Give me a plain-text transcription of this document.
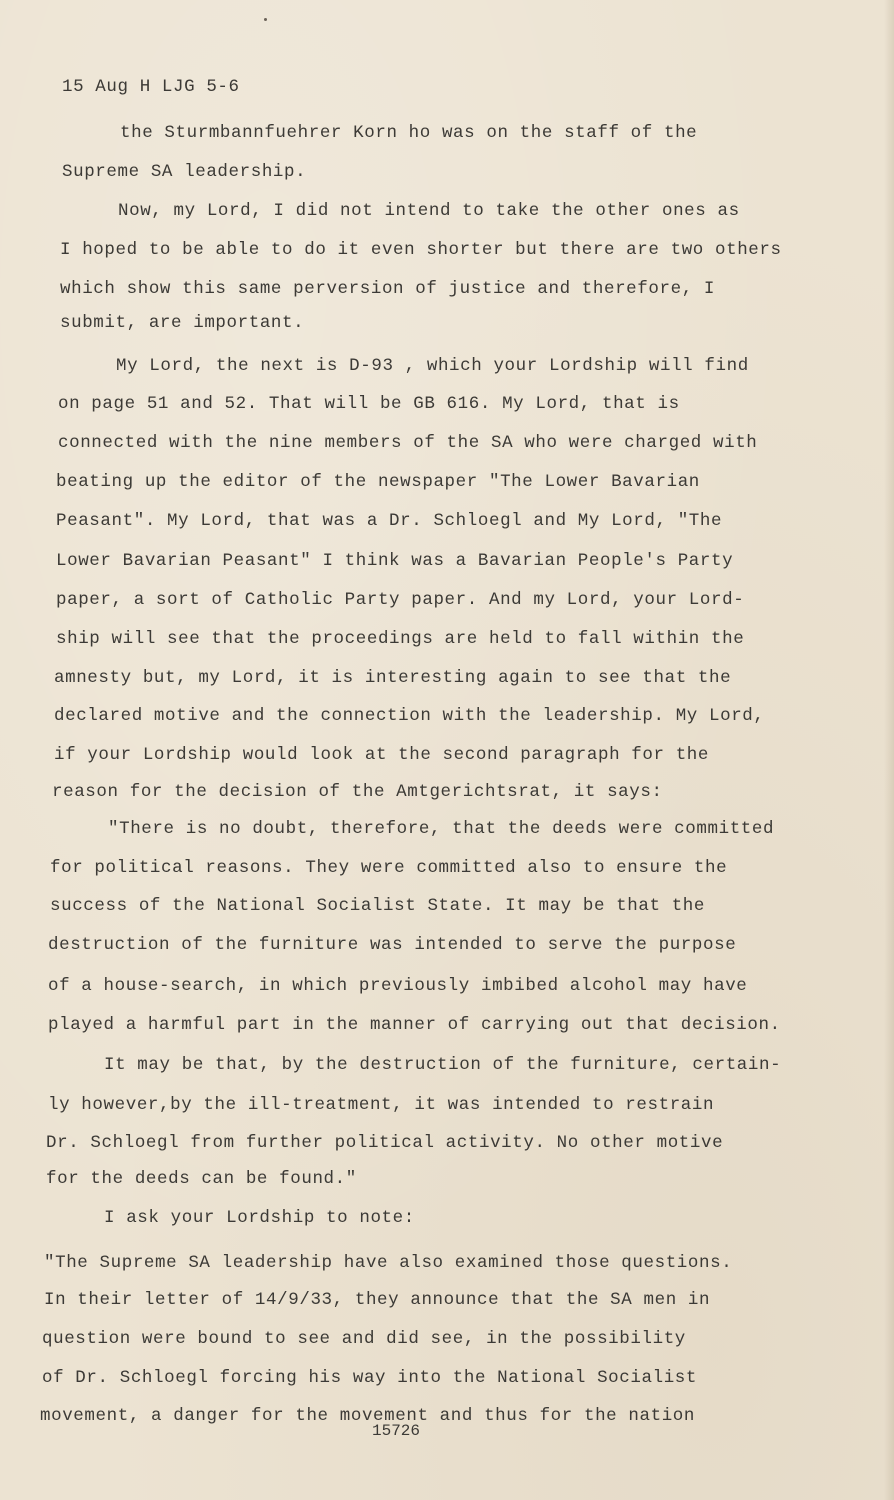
15 Aug H LJG 5-6

the Sturmbannfuehrer Korn ho was on the staff of the

Supreme SA leadership.

Now, my Lord, I did not intend to take the other ones as

I hoped to be able to do it even shorter but there are two others

which show this same perversion of justice and therefore, I

submit, are important.

My Lord, the next is D-93 , which your Lordship will find

on page 51 and 52. That will be GB 616. My Lord, that is

connected with the nine members of the SA who were charged with

beating up the editor of the newspaper "The Lower Bavarian

Peasant". My Lord, that was a Dr. Schloegl and My Lord, "The

Lower Bavarian Peasant" I think was a Bavarian People's Party

paper, a sort of Catholic Party paper. And my Lord, your Lord-

ship will see that the proceedings are held to fall within the

amnesty but, my Lord, it is interesting again to see that the

declared motive and the connection with the leadership. My Lord,

if your Lordship would look at the second paragraph for the

reason for the decision of the Amtgerichtsrat, it says:

"There is no doubt, therefore, that the deeds were committed

for political reasons. They were committed also to ensure the

success of the National Socialist State. It may be that the

destruction of the furniture was intended to serve the purpose

of a house-search, in which previously imbibed alcohol may have

played a harmful part in the manner of carrying out that decision.

It may be that, by the destruction of the furniture, certain-

ly however,by the ill-treatment, it was intended to restrain

Dr. Schloegl from further political activity. No other motive

for the deeds can be found."

I ask your Lordship to note:

"The Supreme SA leadership have also examined those questions.

In their letter of 14/9/33, they announce that the SA men in

question were bound to see and did see, in the possibility

of Dr. Schloegl forcing his way into the National Socialist

movement, a danger for the movement and thus for the nation

15726
